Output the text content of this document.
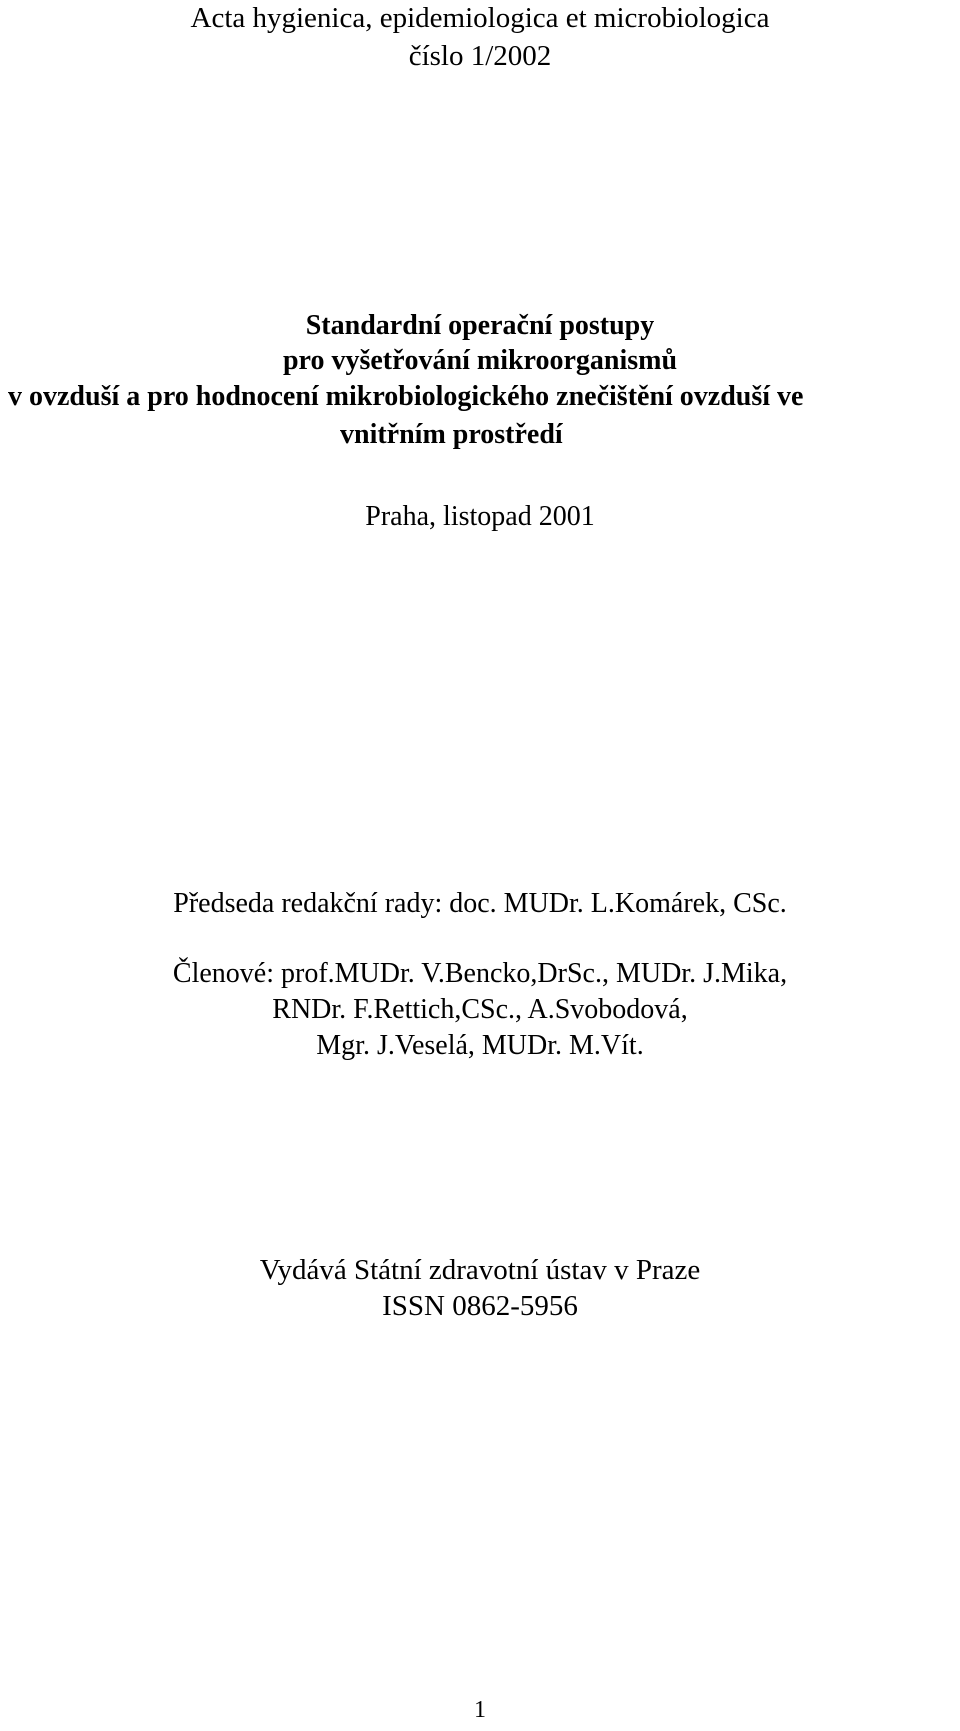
Acta hygienica, epidemiologica et microbiologica
číslo 1/2002
Standardní operační postupy
pro vyšetřování mikroorganismů
v ovzduší a pro hodnocení mikrobiologického znečištění ovzduší ve
vnitřním prostředí
Praha, listopad 2001
Předseda redakční rady: doc. MUDr. L.Komárek, CSc.
Členové: prof.MUDr. V.Bencko,DrSc., MUDr. J.Mika,
RNDr. F.Rettich,CSc., A.Svobodová,
Mgr. J.Veselá, MUDr. M.Vít.
Vydává Státní zdravotní ústav v Praze
ISSN 0862-5956
1
